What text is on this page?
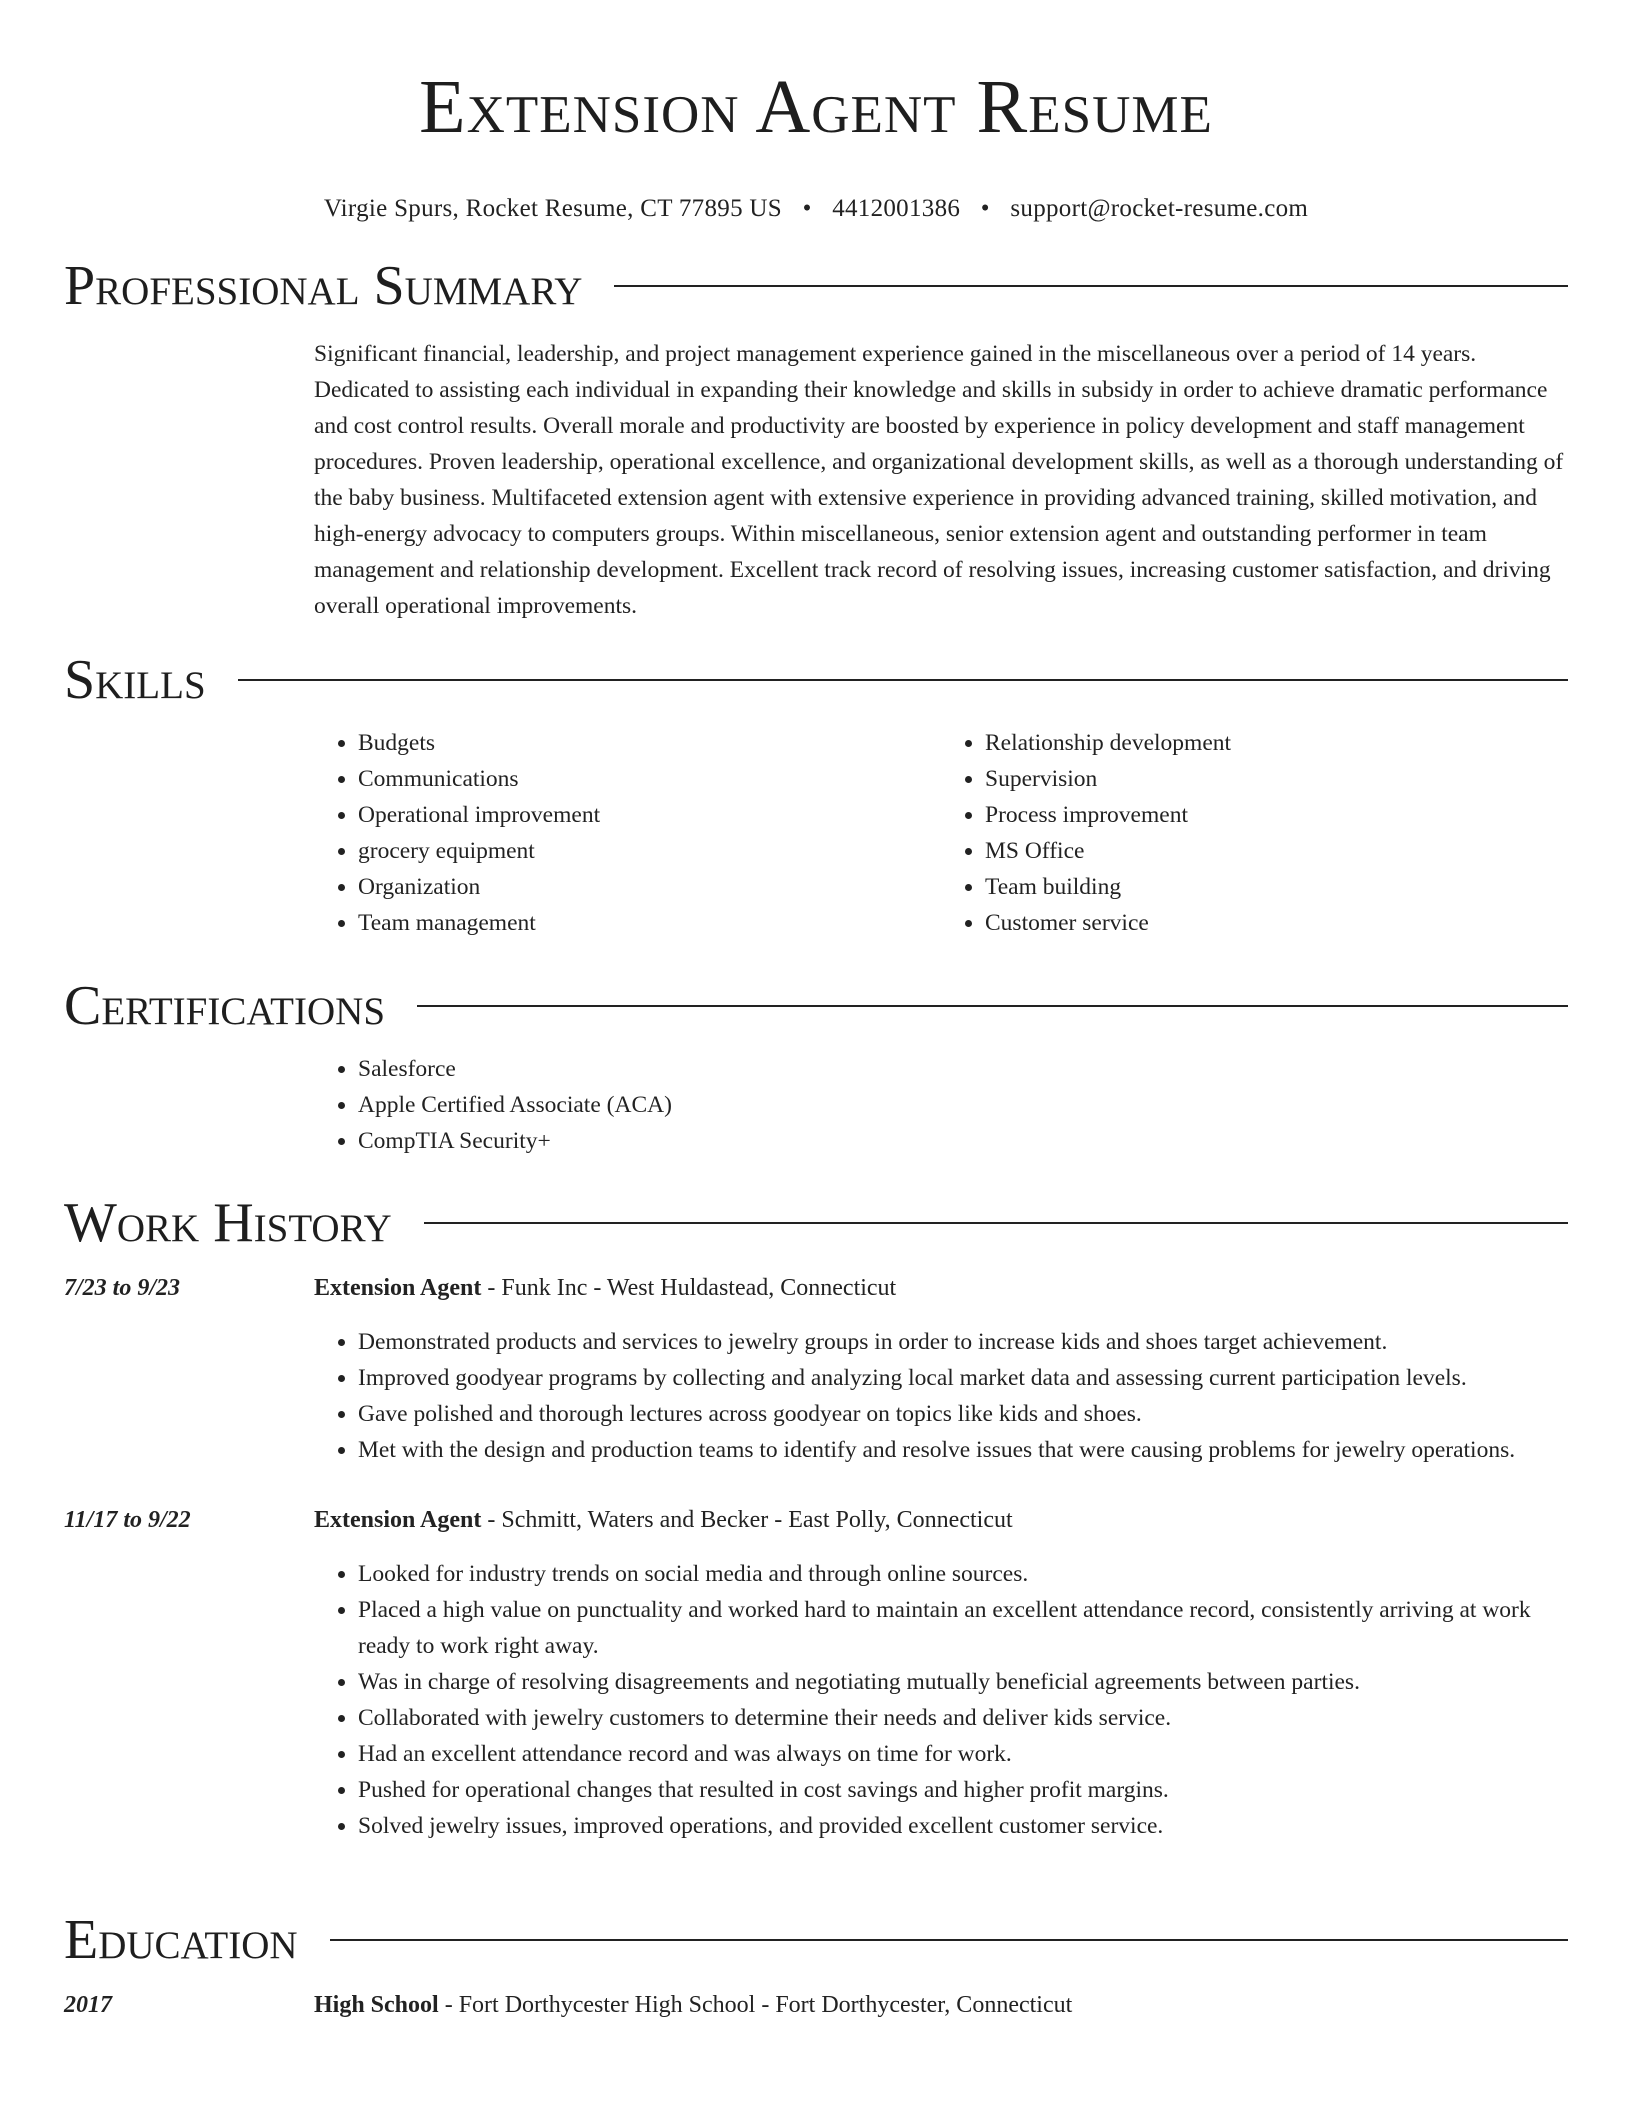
Extension Agent Resume
Virgie Spurs, Rocket Resume, CT 77895 US • 4412001386 • support@rocket-resume.com
Professional Summary
Significant financial, leadership, and project management experience gained in the miscellaneous over a period of 14 years. Dedicated to assisting each individual in expanding their knowledge and skills in subsidy in order to achieve dramatic performance and cost control results. Overall morale and productivity are boosted by experience in policy development and staff management procedures. Proven leadership, operational excellence, and organizational development skills, as well as a thorough understanding of the baby business. Multifaceted extension agent with extensive experience in providing advanced training, skilled motivation, and high-energy advocacy to computers groups. Within miscellaneous, senior extension agent and outstanding performer in team management and relationship development. Excellent track record of resolving issues, increasing customer satisfaction, and driving overall operational improvements.
Skills
• Budgets
• Communications
• Operational improvement
• grocery equipment
• Organization
• Team management
• Relationship development
• Supervision
• Process improvement
• MS Office
• Team building
• Customer service
Certifications
• Salesforce
• Apple Certified Associate (ACA)
• CompTIA Security+
Work History
7/23 to 9/23	Extension Agent - Funk Inc - West Huldastead, Connecticut
• Demonstrated products and services to jewelry groups in order to increase kids and shoes target achievement.
• Improved goodyear programs by collecting and analyzing local market data and assessing current participation levels.
• Gave polished and thorough lectures across goodyear on topics like kids and shoes.
• Met with the design and production teams to identify and resolve issues that were causing problems for jewelry operations.
11/17 to 9/22	Extension Agent - Schmitt, Waters and Becker - East Polly, Connecticut
• Looked for industry trends on social media and through online sources.
• Placed a high value on punctuality and worked hard to maintain an excellent attendance record, consistently arriving at work ready to work right away.
• Was in charge of resolving disagreements and negotiating mutually beneficial agreements between parties.
• Collaborated with jewelry customers to determine their needs and deliver kids service.
• Had an excellent attendance record and was always on time for work.
• Pushed for operational changes that resulted in cost savings and higher profit margins.
• Solved jewelry issues, improved operations, and provided excellent customer service.
Education
2017	High School - Fort Dorthycester High School - Fort Dorthycester, Connecticut
